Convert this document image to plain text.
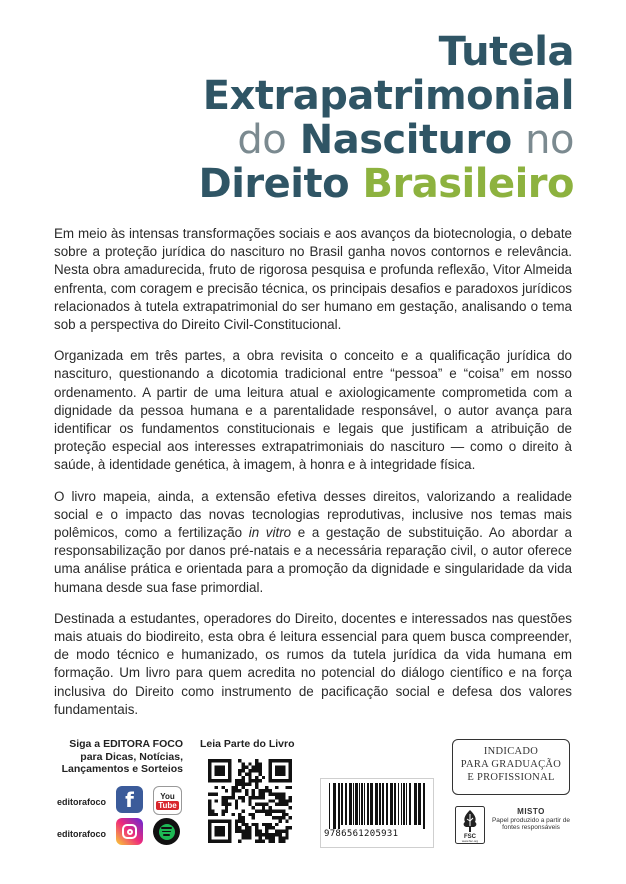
Tutela
Extrapatrimonial
do Nascituro no
Direito Brasileiro

Em meio às intensas transformações sociais e aos avanços da biotecnologia, o debate sobre a proteção jurídica do nascituro no Brasil ganha novos contornos e relevância. Nesta obra amadurecida, fruto de rigorosa pesquisa e profunda reflexão, Vitor Almeida enfrenta, com coragem e precisão técnica, os principais desafios e paradoxos jurídicos relacionados à tutela extrapatrimonial do ser humano em gestação, analisando o tema sob a perspectiva do Direito Civil-Constitucional.

Organizada em três partes, a obra revisita o conceito e a qualificação jurídica do nascituro, questionando a dicotomia tradicional entre “pessoa” e “coisa” em nosso ordenamento. A partir de uma leitura atual e axiologicamente comprometida com a dignidade da pessoa humana e a parentalidade responsável, o autor avança para identificar os fundamentos constitucionais e legais que justificam a atribuição de proteção especial aos interesses extrapatrimoniais do nascituro — como o direito à saúde, à identidade genética, à imagem, à honra e à integridade física.

O livro mapeia, ainda, a extensão efetiva desses direitos, valorizando a realidade social e o impacto das novas tecnologias reprodutivas, inclusive nos temas mais polêmicos, como a fertilização in vitro e a gestação de substituição. Ao abordar a responsabilização por danos pré-natais e a necessária reparação civil, o autor oferece uma análise prática e orientada para a promoção da dignidade e singularidade da vida humana desde sua fase primordial.

Destinada a estudantes, operadores do Direito, docentes e interessados nas questões mais atuais do biodireito, esta obra é leitura essencial para quem busca compreender, de modo técnico e humanizado, os rumos da tutela jurídica da vida humana em formação. Um livro para quem acredita no potencial do diálogo científico e na força inclusiva do Direito como instrumento de pacificação social e defesa dos valores fundamentais.

Siga a EDITORA FOCO
para Dicas, Notícias,
Lançamentos e Sorteios
editorafoco f	You
Tube
editorafoco
Leia Parte do Livro
9786561205931
INDICADO
PARA GRADUAÇÃO
E PROFISSIONAL
FSC
www.fsc.org
MISTO
Papel produzido a partir de fontes responsáveis
